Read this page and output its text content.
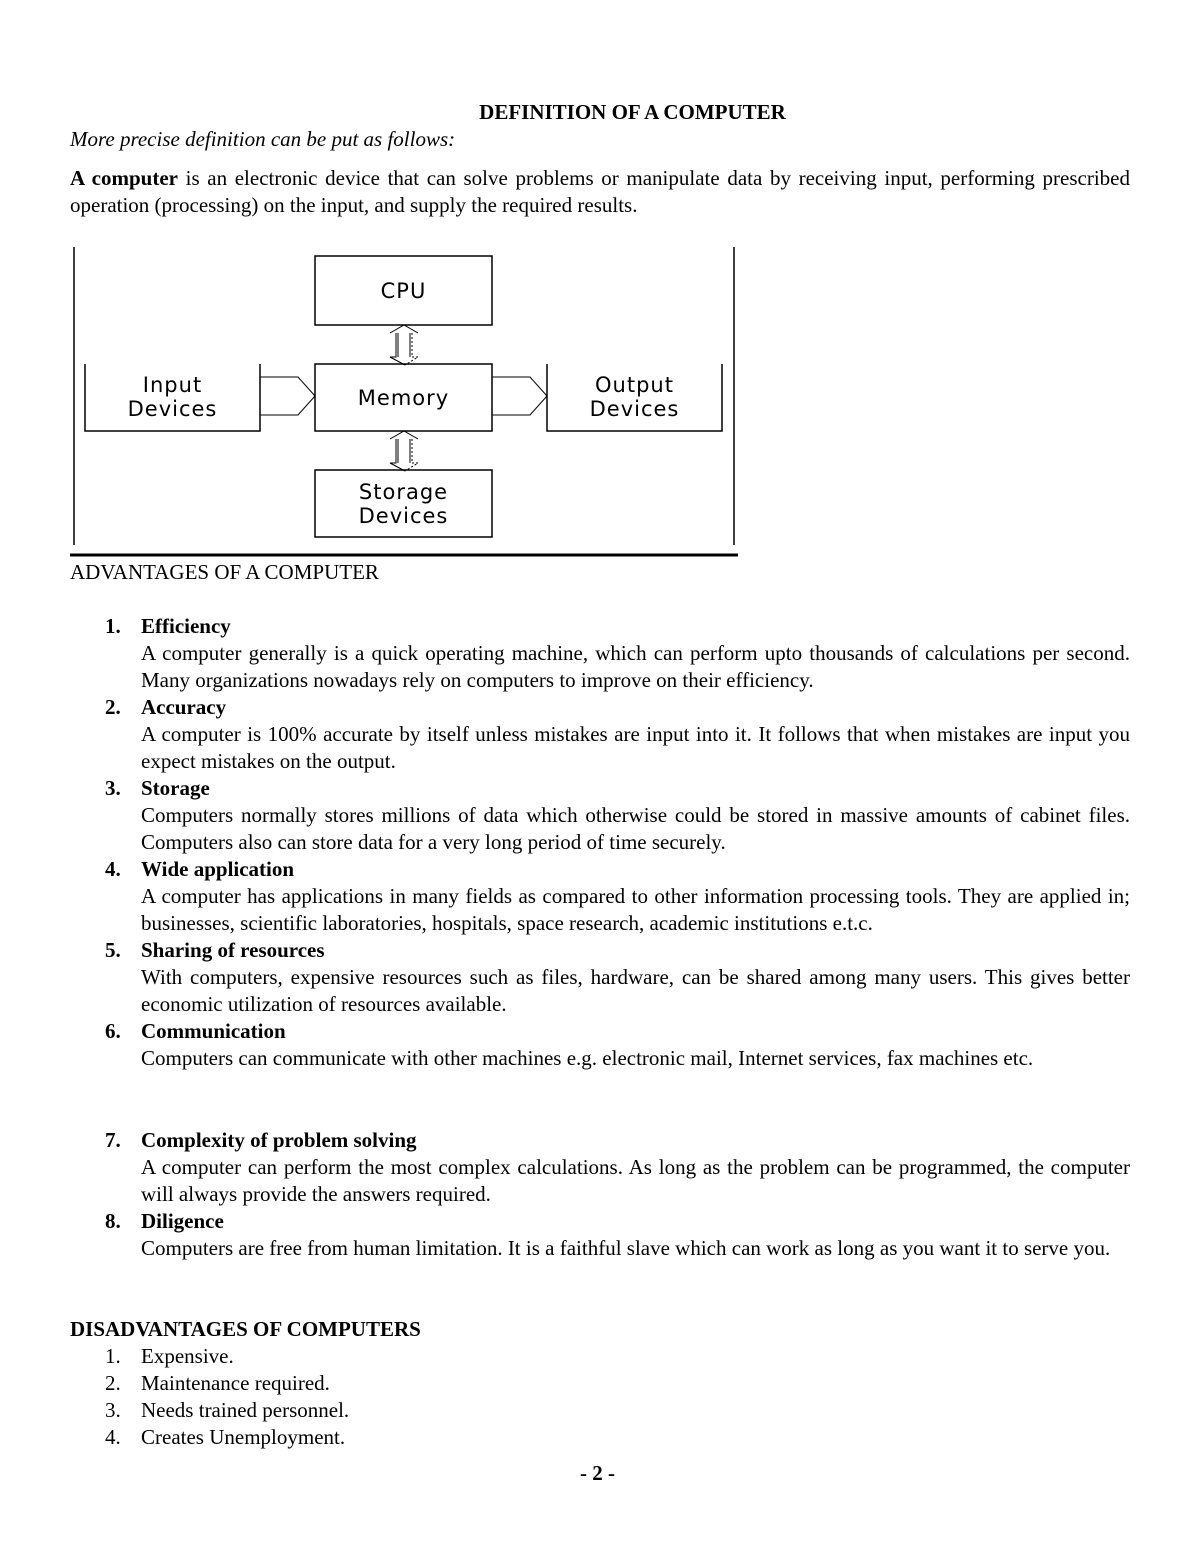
DEFINITION OF A COMPUTER
More precise definition can be put as follows:
A computer is an electronic device that can solve problems or manipulate data by receiving input, performing prescribed operation (processing) on the input, and supply the required results.
CPU
Input
Devices	Memory
Output
Devices
Storage
Devices
ADVANTAGES OF A COMPUTER
1. Efficiency
A computer generally is a quick operating machine, which can perform upto thousands of calculations per second. Many organizations nowadays rely on computers to improve on their efficiency.
2. Accuracy
A computer is 100% accurate by itself unless mistakes are input into it. It follows that when mistakes are input you expect mistakes on the output.
3. Storage
Computers normally stores millions of data which otherwise could be stored in massive amounts of cabinet files. Computers also can store data for a very long period of time securely.
4. Wide application
A computer has applications in many fields as compared to other information processing tools. They are applied in; businesses, scientific laboratories, hospitals, space research, academic institutions e.t.c.
5. Sharing of resources
With computers, expensive resources such as files, hardware, can be shared among many users. This gives better economic utilization of resources available.
6. Communication
Computers can communicate with other machines e.g. electronic mail, Internet services, fax machines etc.
7. Complexity of problem solving
A computer can perform the most complex calculations. As long as the problem can be programmed, the computer will always provide the answers required.
8. Diligence
Computers are free from human limitation. It is a faithful slave which can work as long as you want it to serve you.
DISADVANTAGES OF COMPUTERS
1. Expensive.
2. Maintenance required.
3. Needs trained personnel.
4. Creates Unemployment.
- 2 -
